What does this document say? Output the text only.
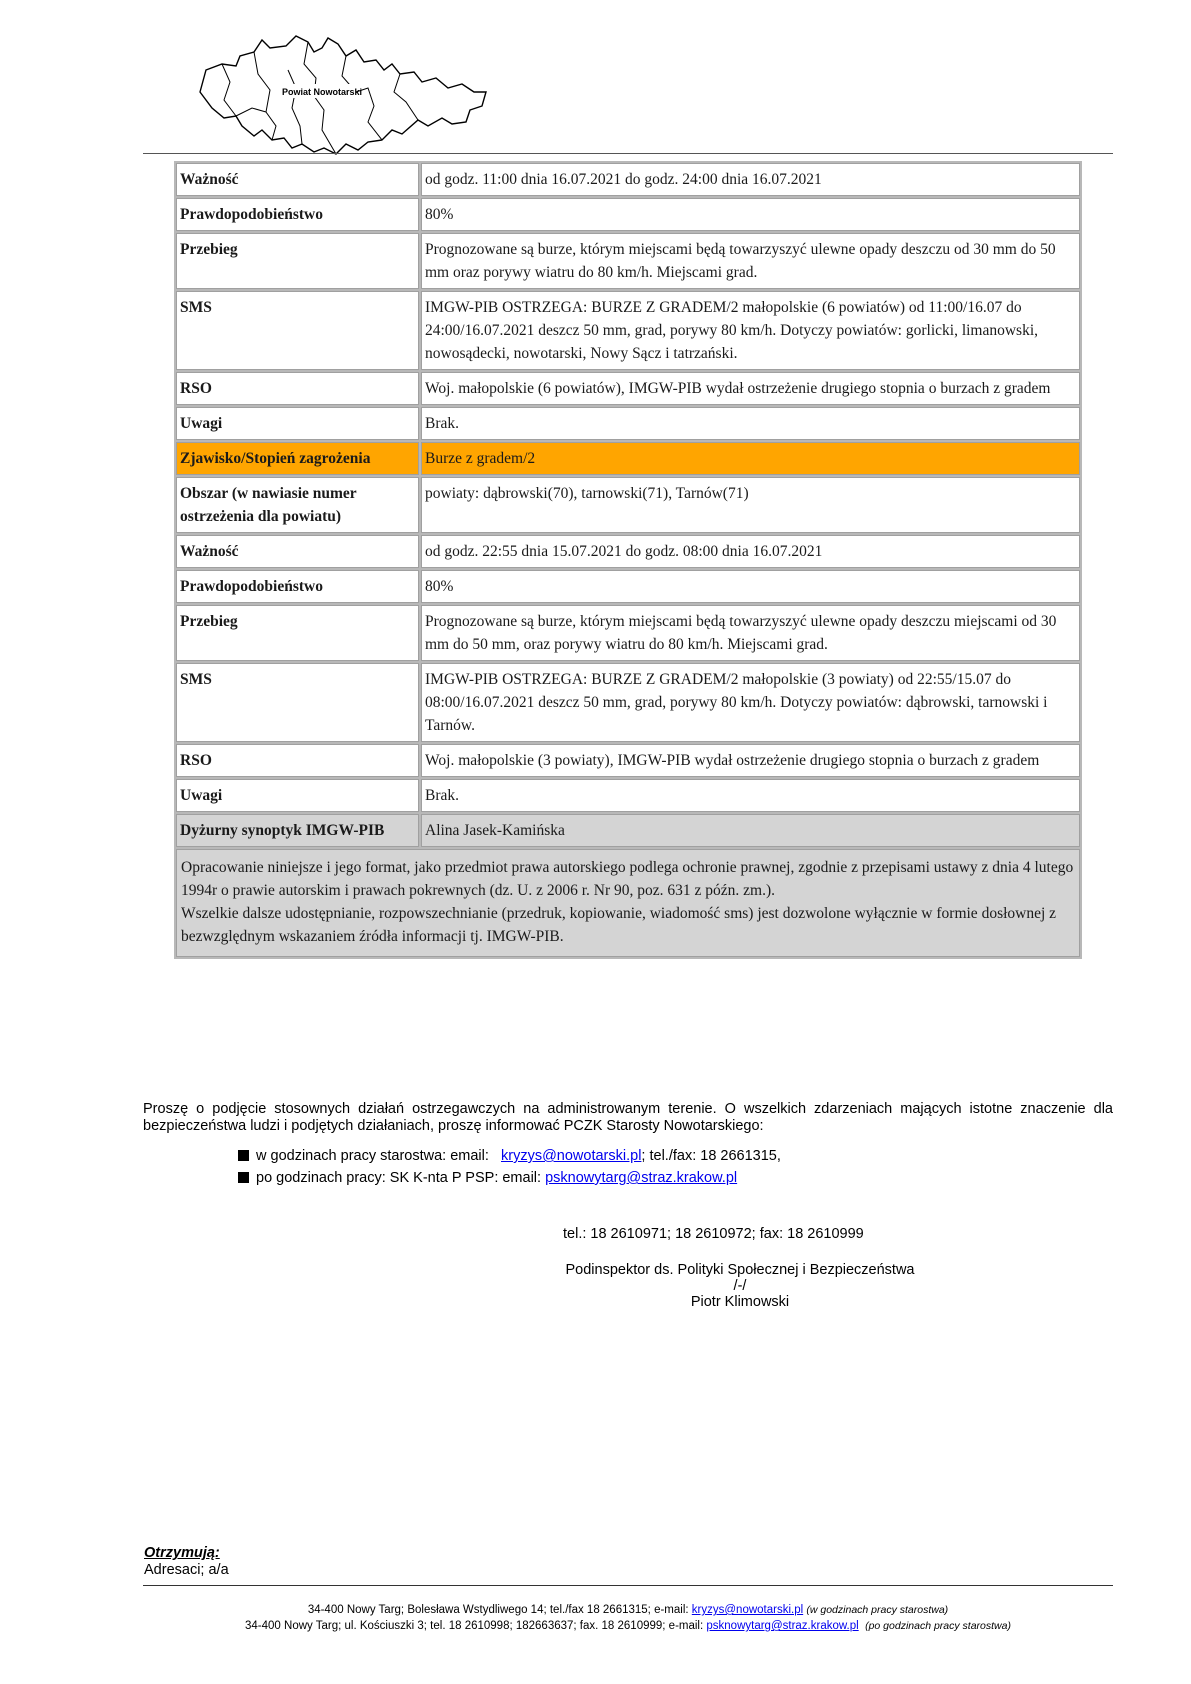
Powiat Nowotarski
Ważność	od godz. 11:00 dnia 16.07.2021 do godz. 24:00 dnia 16.07.2021
Prawdopodobieństwo	80%
Przebieg	Prognozowane są burze, którym miejscami będą towarzyszyć ulewne opady deszczu od 30 mm do 50 mm oraz porywy wiatru do 80 km/h. Miejscami grad.
SMS	IMGW-PIB OSTRZEGA: BURZE Z GRADEM/2 małopolskie (6 powiatów) od 11:00/16.07 do 24:00/16.07.2021 deszcz 50 mm, grad, porywy 80 km/h. Dotyczy powiatów: gorlicki, limanowski, nowosądecki, nowotarski, Nowy Sącz i tatrzański.
RSO	Woj. małopolskie (6 powiatów), IMGW-PIB wydał ostrzeżenie drugiego stopnia o burzach z gradem
Uwagi	Brak.
Zjawisko/Stopień zagrożenia	Burze z gradem/2
Obszar (w nawiasie numer ostrzeżenia dla powiatu)	powiaty: dąbrowski(70), tarnowski(71), Tarnów(71)
Ważność	od godz. 22:55 dnia 15.07.2021 do godz. 08:00 dnia 16.07.2021
Prawdopodobieństwo	80%
Przebieg	Prognozowane są burze, którym miejscami będą towarzyszyć ulewne opady deszczu miejscami od 30 mm do 50 mm, oraz porywy wiatru do 80 km/h. Miejscami grad.
SMS	IMGW-PIB OSTRZEGA: BURZE Z GRADEM/2 małopolskie (3 powiaty) od 22:55/15.07 do 08:00/16.07.2021 deszcz 50 mm, grad, porywy 80 km/h. Dotyczy powiatów: dąbrowski, tarnowski i Tarnów.
RSO	Woj. małopolskie (3 powiaty), IMGW-PIB wydał ostrzeżenie drugiego stopnia o burzach z gradem
Uwagi	Brak.
Dyżurny synoptyk IMGW-PIB	Alina Jasek-Kamińska

Opracowanie niniejsze i jego format, jako przedmiot prawa autorskiego podlega ochronie prawnej, zgodnie z przepisami ustawy z dnia 4 lutego 1994r o prawie autorskim i prawach pokrewnych (dz. U. z 2006 r. Nr 90, poz. 631 z późn. zm.).

Wszelkie dalsze udostępnianie, rozpowszechnianie (przedruk, kopiowanie, wiadomość sms) jest dozwolone wyłącznie w formie dosłownej z bezwzględnym wskazaniem źródła informacji tj. IMGW-PIB.	

Proszę o podjęcie stosownych działań ostrzegawczych na administrowanym terenie. O wszelkich zdarzeniach mających istotne znaczenie dla bezpieczeństwa ludzi i podjętych działaniach, proszę informować PCZK Starosty Nowotarskiego:
w godzinach pracy starostwa: email:
kryzys@nowotarski.pl ; tel./fax: 18 2661315,
po godzinach pracy: SK K-nta P PSP: email:
psknowytarg@straz.krakow.pl
tel.: 18 2610971; 18 2610972; fax: 18 2610999
Podinspektor ds. Polityki Społecznej i Bezpieczeństwa
/-/
Piotr Klimowski
Otrzymują:
Adresaci; a/a
34-400 Nowy Targ; Bolesława Wstydliwego 14; tel./fax 18 2661315; e-mail: kryzys@nowotarski.pl (w godzinach pracy starostwa)
34-400 Nowy Targ; ul. Kościuszki 3; tel. 18 2610998; 182663637; fax. 18 2610999; e-mail: psknowytarg@straz.krakow.pl (po godzinach pracy starostwa)
